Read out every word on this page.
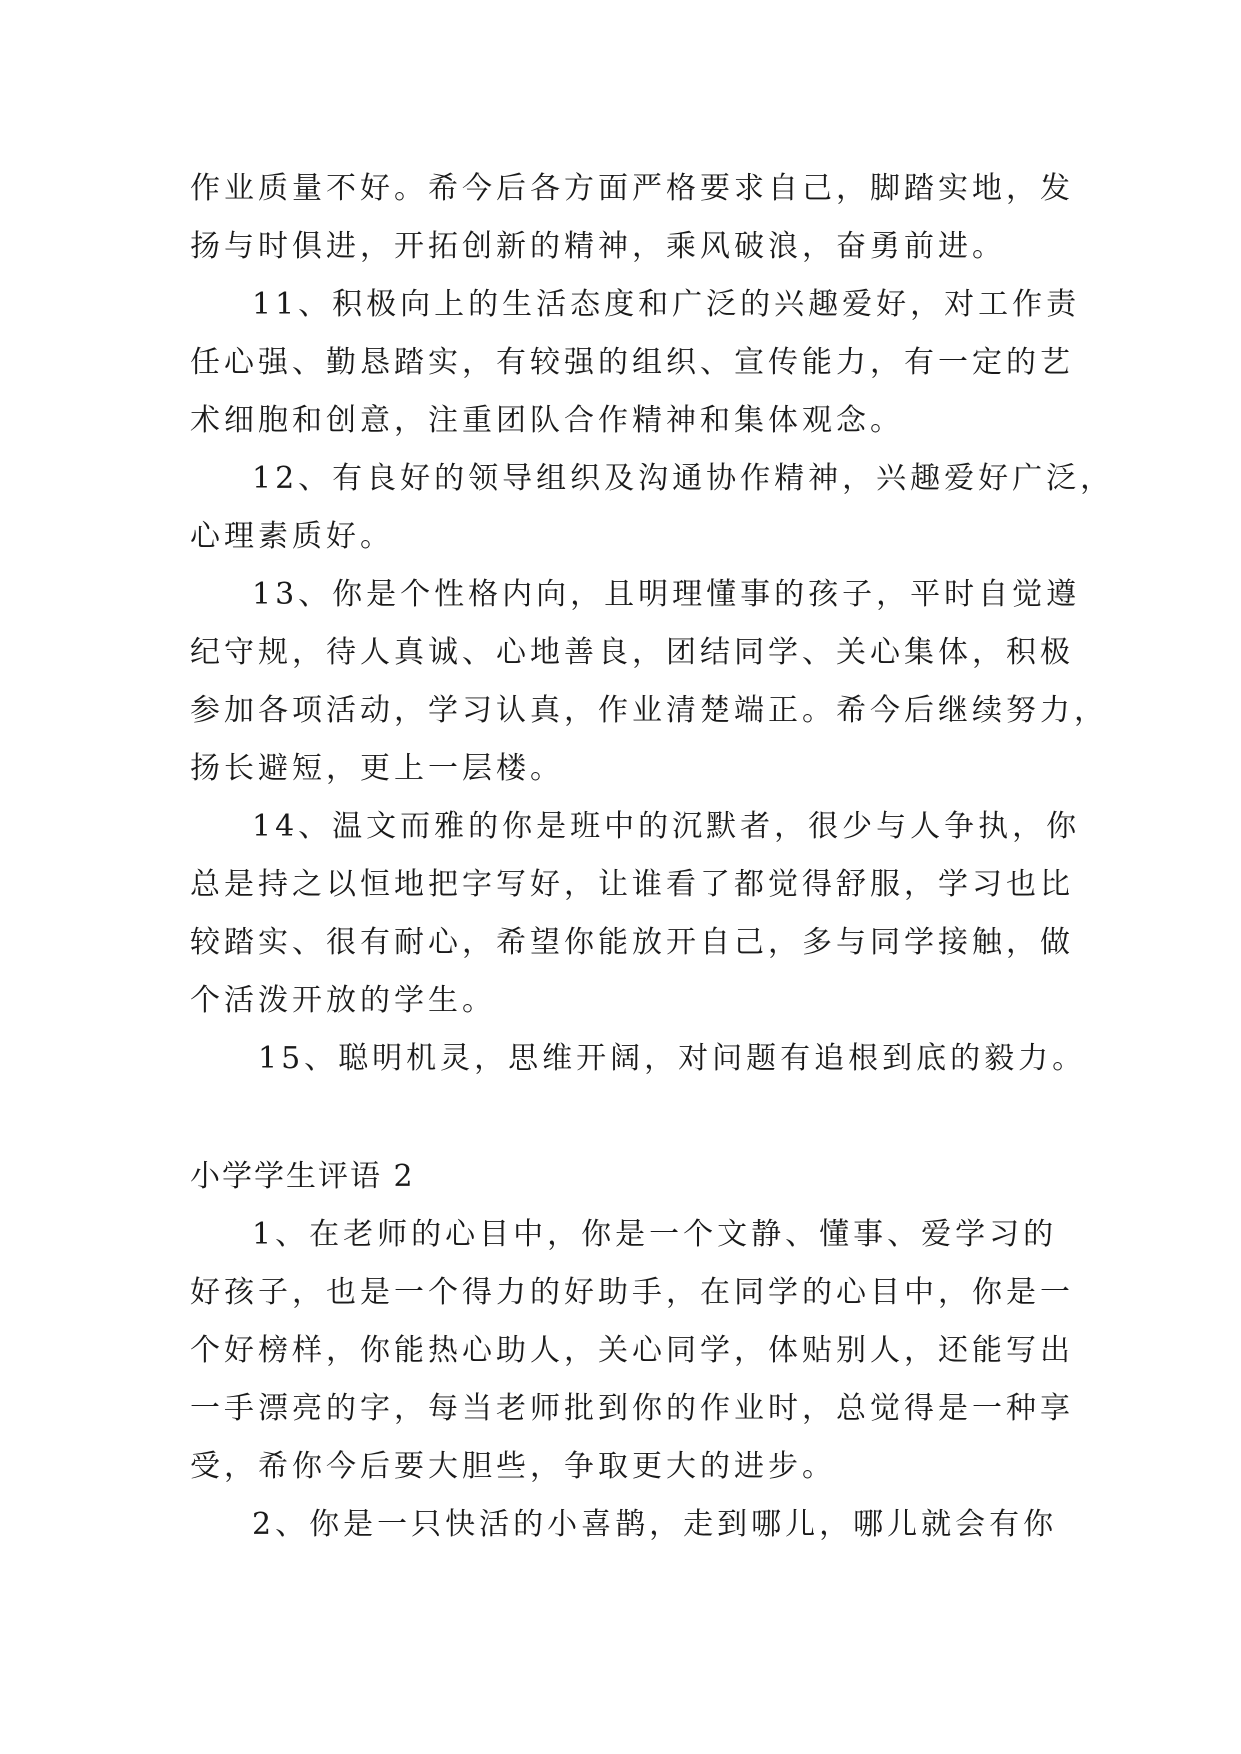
作业质量不好。希今后各方面严格要求自己，脚踏实地，发
扬与时俱进，开拓创新的精神，乘风破浪，奋勇前进。
11、积极向上的生活态度和广泛的兴趣爱好，对工作责
任心强、勤恳踏实，有较强的组织、宣传能力，有一定的艺
术细胞和创意，注重团队合作精神和集体观念。
12、有良好的领导组织及沟通协作精神，兴趣爱好广泛，
心理素质好。
13、你是个性格内向，且明理懂事的孩子，平时自觉遵
纪守规，待人真诚、心地善良，团结同学、关心集体，积极
参加各项活动，学习认真，作业清楚端正。希今后继续努力，
扬长避短，更上一层楼。
14、温文而雅的你是班中的沉默者，很少与人争执，你
总是持之以恒地把字写好，让谁看了都觉得舒服，学习也比
较踏实、很有耐心，希望你能放开自己，多与同学接触，做
个活泼开放的学生。
15、聪明机灵，思维开阔，对问题有追根到底的毅力。
小学学生评语 2
1、在老师的心目中，你是一个文静、懂事、爱学习的
好孩子，也是一个得力的好助手，在同学的心目中，你是一
个好榜样，你能热心助人，关心同学，体贴别人，还能写出
一手漂亮的字，每当老师批到你的作业时，总觉得是一种享
受，希你今后要大胆些，争取更大的进步。
2、你是一只快活的小喜鹊，走到哪儿，哪儿就会有你
